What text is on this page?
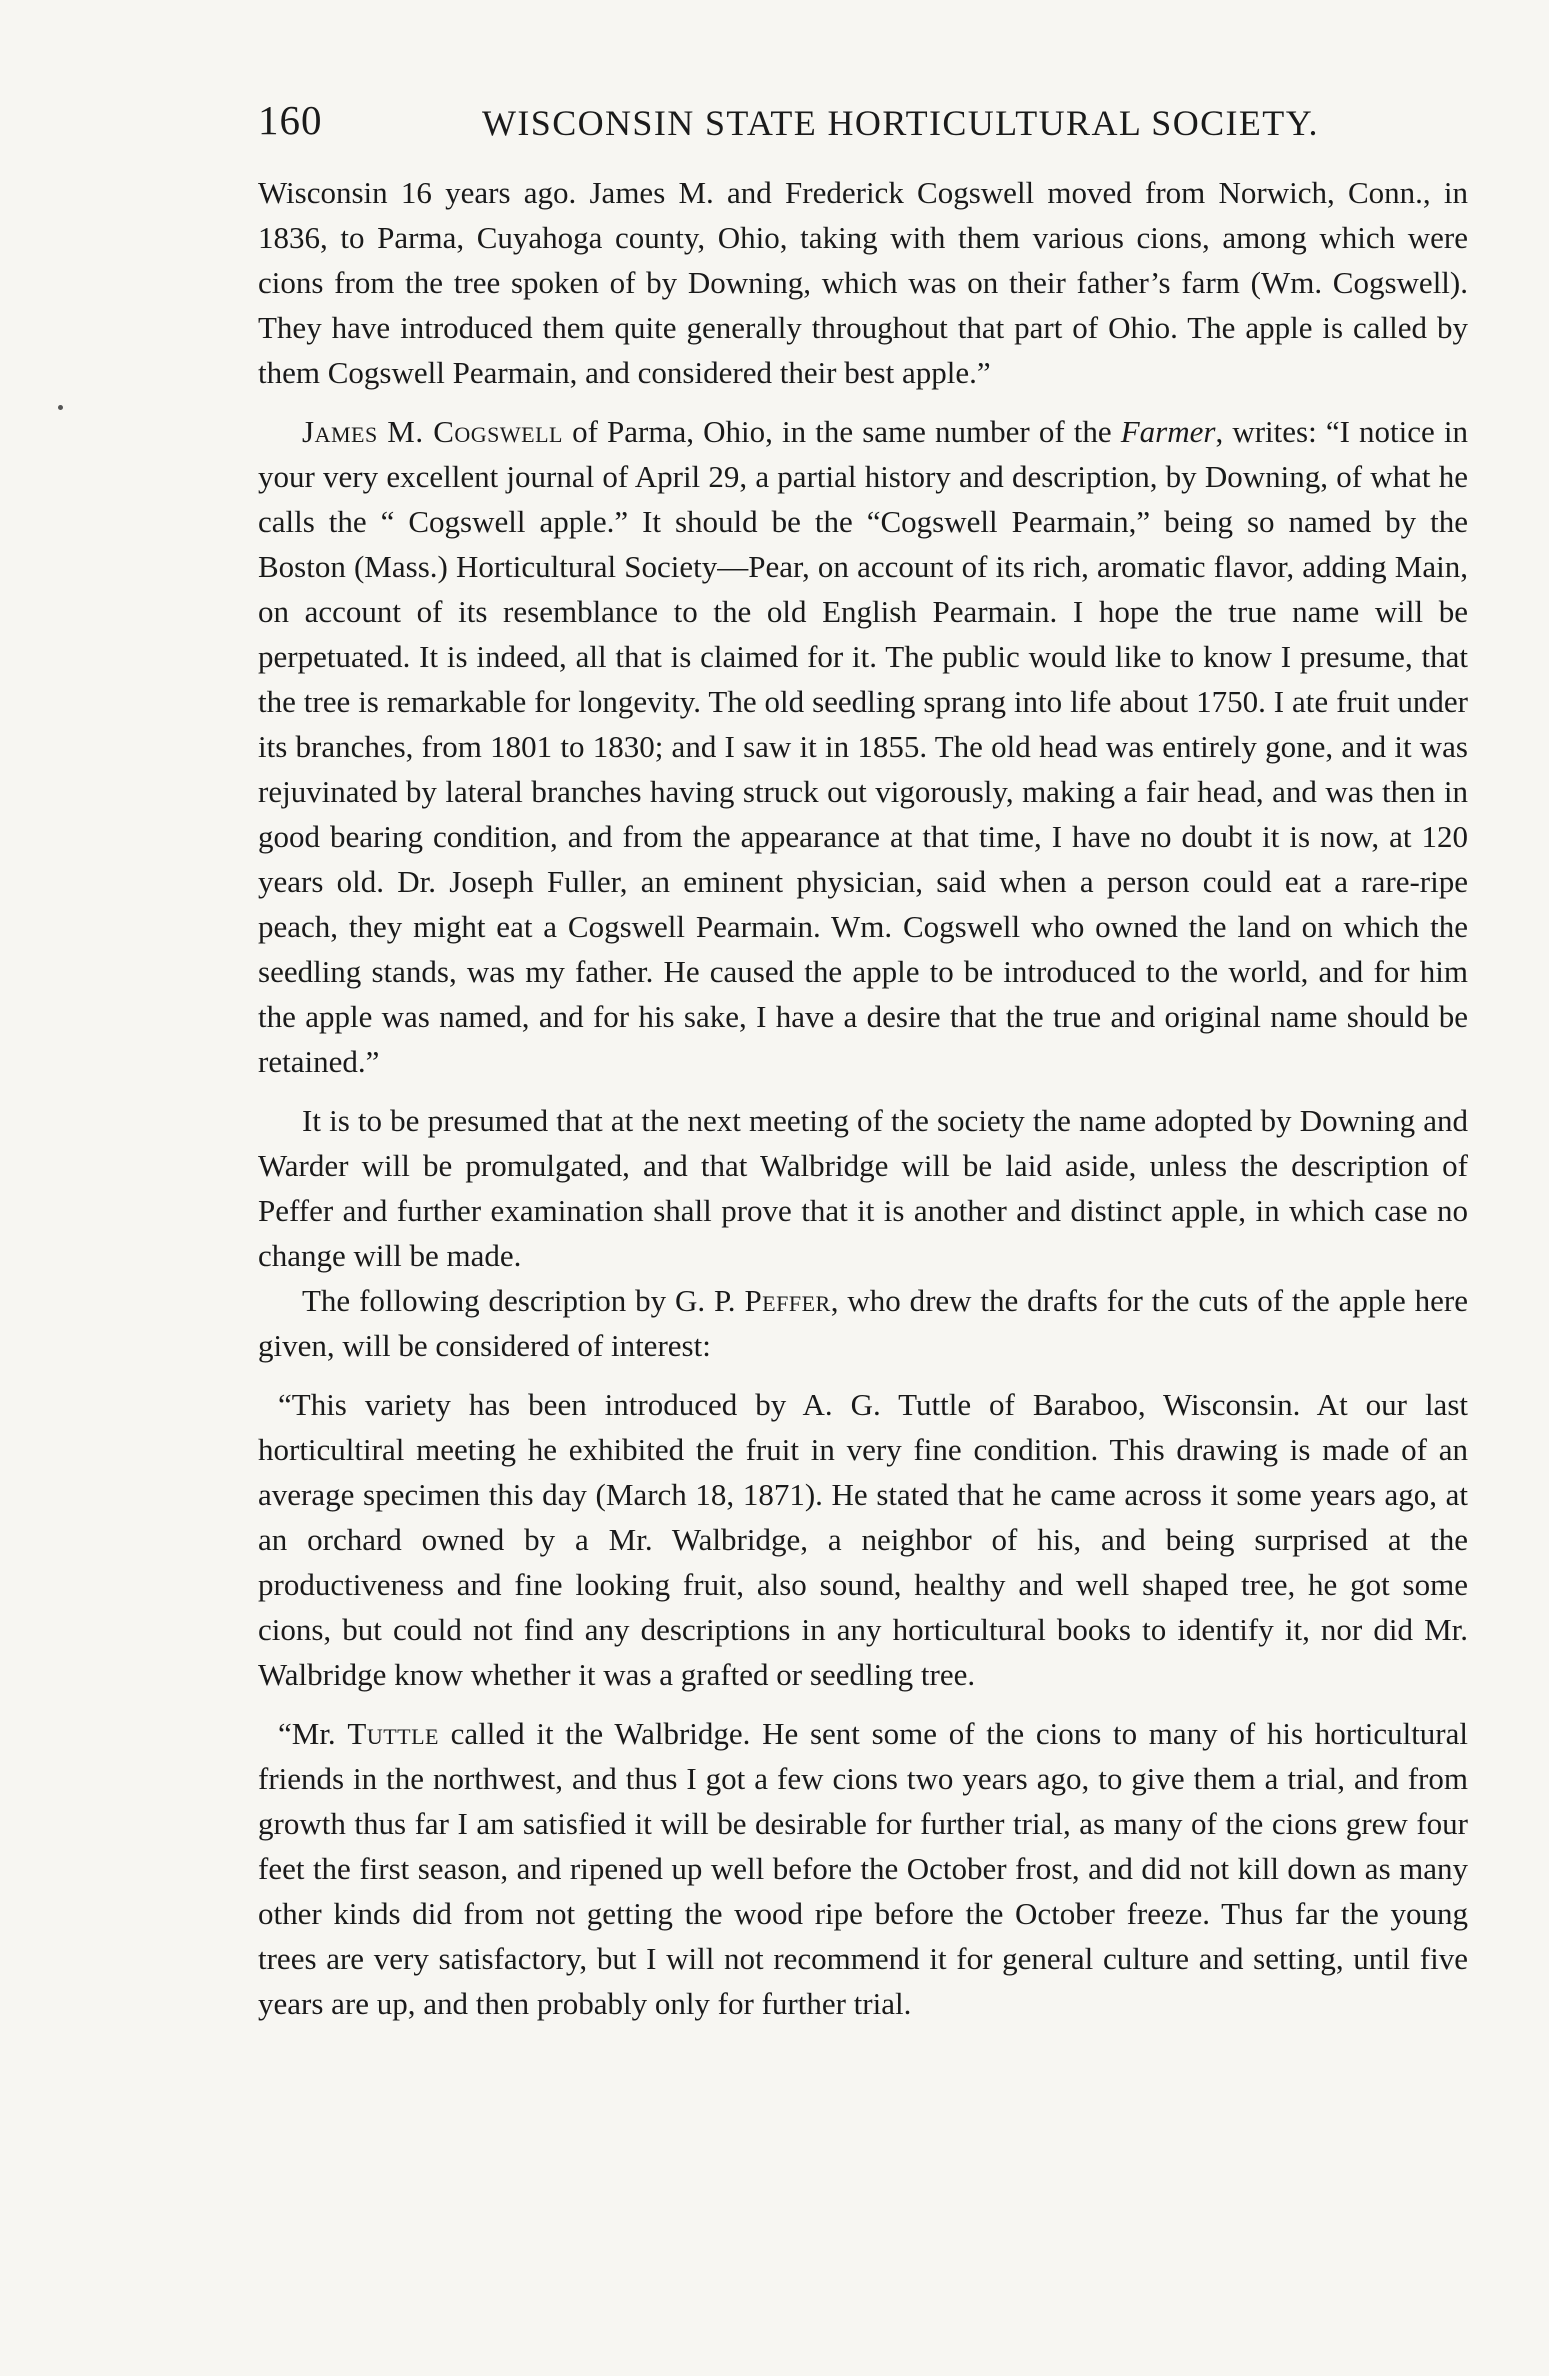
160	WISCONSIN STATE HORTICULTURAL SOCIETY.

Wisconsin 16 years ago. James M. and Frederick Cogswell moved from Norwich, Conn., in 1836, to Parma, Cuyahoga county, Ohio, taking with them various cions, among which were cions from the tree spoken of by Downing, which was on their father’s farm (Wm. Cogswell). They have introduced them quite generally throughout that part of Ohio. The apple is called by them Cogswell Pearmain, and considered their best apple.”

James M. Cogswell of Parma, Ohio, in the same number of the Farmer, writes: “I notice in your very excellent journal of April 29, a partial history and description, by Downing, of what he calls the “ Cogswell apple.” It should be the “Cogswell Pearmain,” being so named by the Boston (Mass.) Horticultural Society—Pear, on account of its rich, aromatic flavor, adding Main, on account of its resemblance to the old English Pearmain. I hope the true name will be perpetuated. It is indeed, all that is claimed for it. The public would like to know I presume, that the tree is remarkable for longevity. The old seedling sprang into life about 1750. I ate fruit under its branches, from 1801 to 1830; and I saw it in 1855. The old head was entirely gone, and it was rejuvinated by lateral branches having struck out vigorously, making a fair head, and was then in good bearing condition, and from the appearance at that time, I have no doubt it is now, at 120 years old. Dr. Joseph Fuller, an eminent physician, said when a person could eat a rare-ripe peach, they might eat a Cogswell Pearmain. Wm. Cogswell who owned the land on which the seedling stands, was my father. He caused the apple to be introduced to the world, and for him the apple was named, and for his sake, I have a desire that the true and original name should be retained.”

It is to be presumed that at the next meeting of the society the name adopted by Downing and Warder will be promulgated, and that Walbridge will be laid aside, unless the description of Peffer and further examination shall prove that it is another and distinct apple, in which case no change will be made.

The following description by G. P. Peffer, who drew the drafts for the cuts of the apple here given, will be considered of interest:

“This variety has been introduced by A. G. Tuttle of Baraboo, Wisconsin. At our last horticultiral meeting he exhibited the fruit in very fine condition. This drawing is made of an average specimen this day (March 18, 1871). He stated that he came across it some years ago, at an orchard owned by a Mr. Walbridge, a neighbor of his, and being surprised at the productiveness and fine looking fruit, also sound, healthy and well shaped tree, he got some cions, but could not find any descriptions in any horticultural books to identify it, nor did Mr. Walbridge know whether it was a grafted or seedling tree.

“Mr. Tuttle called it the Walbridge. He sent some of the cions to many of his horticultural friends in the northwest, and thus I got a few cions two years ago, to give them a trial, and from growth thus far I am satisfied it will be desirable for further trial, as many of the cions grew four feet the first season, and ripened up well before the October frost, and did not kill down as many other kinds did from not getting the wood ripe before the October freeze. Thus far the young trees are very satisfactory, but I will not recommend it for general culture and setting, until five years are up, and then probably only for further trial.
